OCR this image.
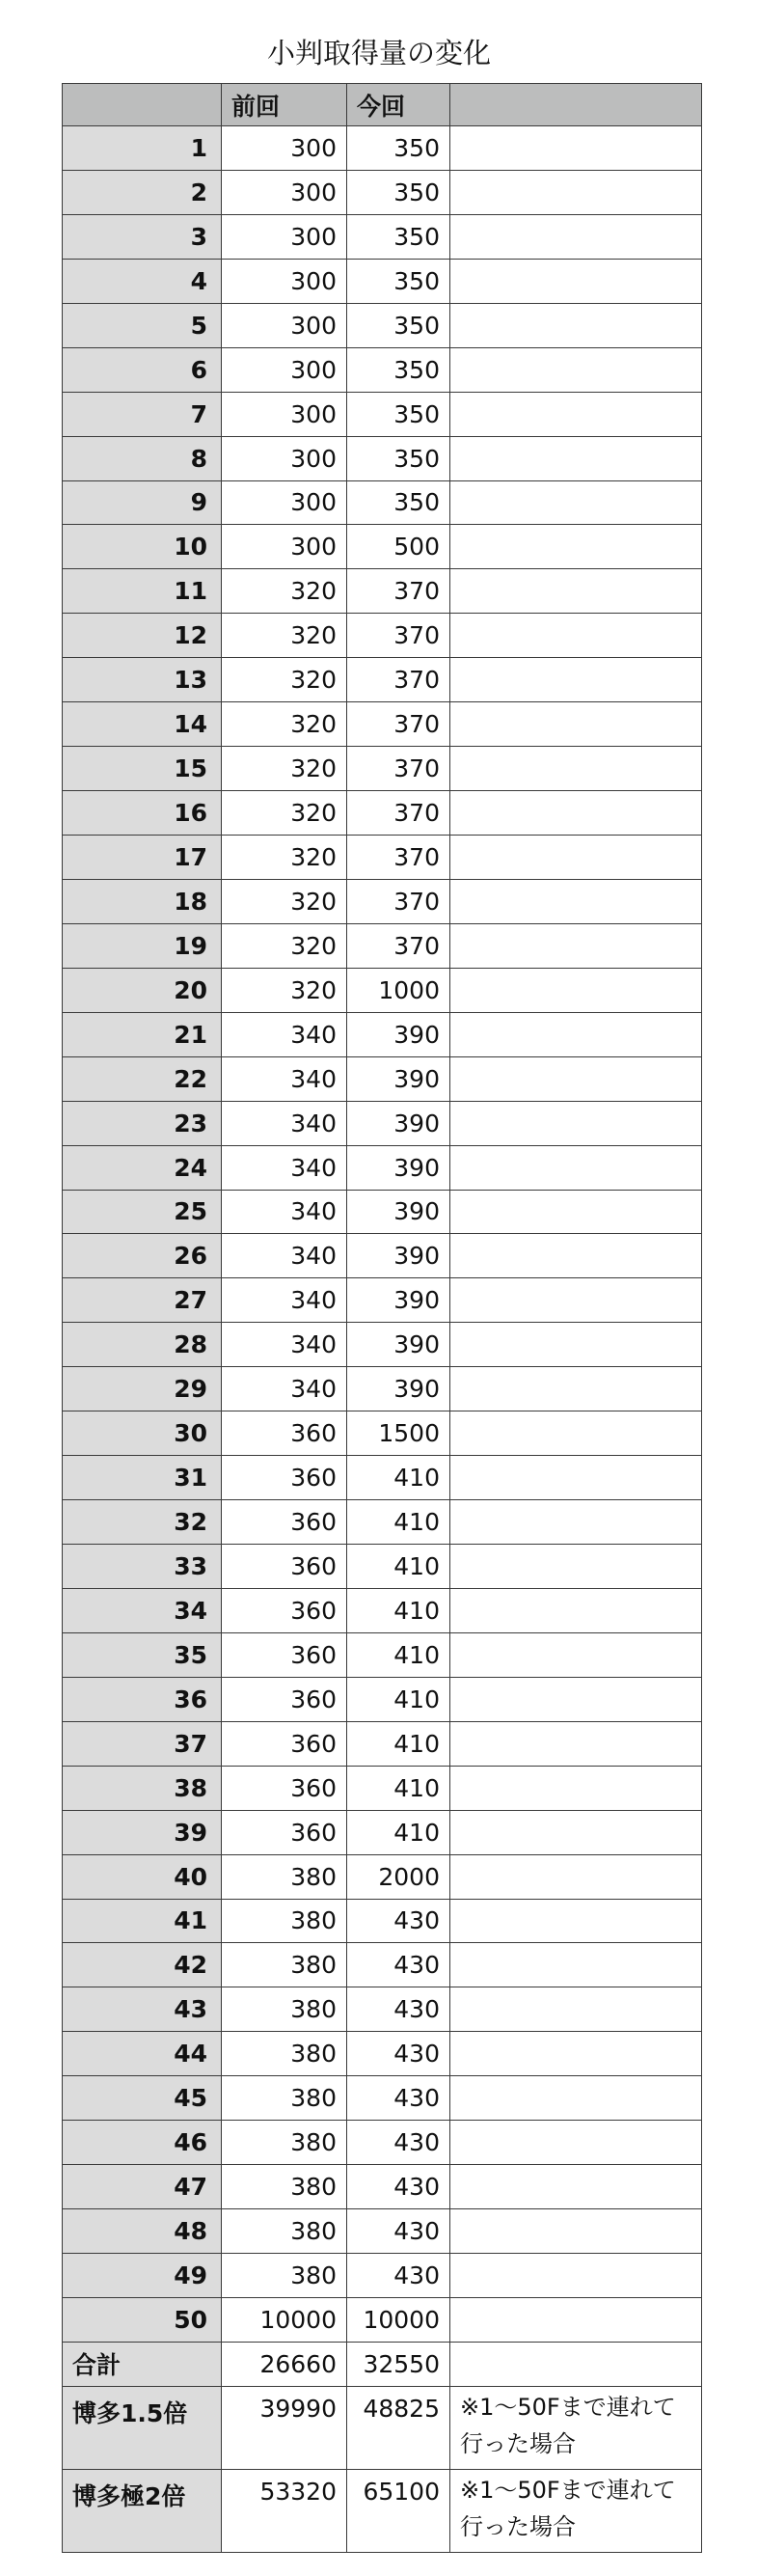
小判取得量の変化
	前回	今回	
1	300	350	
2	300	350	
3	300	350	
4	300	350	
5	300	350	
6	300	350	
7	300	350	
8	300	350	
9	300	350	
10	300	500	
11	320	370	
12	320	370	
13	320	370	
14	320	370	
15	320	370	
16	320	370	
17	320	370	
18	320	370	
19	320	370	
20	320	1000	
21	340	390	
22	340	390	
23	340	390	
24	340	390	
25	340	390	
26	340	390	
27	340	390	
28	340	390	
29	340	390	
30	360	1500	
31	360	410	
32	360	410	
33	360	410	
34	360	410	
35	360	410	
36	360	410	
37	360	410	
38	360	410	
39	360	410	
40	380	2000	
41	380	430	
42	380	430	
43	380	430	
44	380	430	
45	380	430	
46	380	430	
47	380	430	
48	380	430	
49	380	430	
50	10000	10000	
合計	26660	32550	
博多1.5倍	39990	48825	※1〜50Fまで連れて行った場合
博多極2倍	53320	65100	※1〜50Fまで連れて行った場合
